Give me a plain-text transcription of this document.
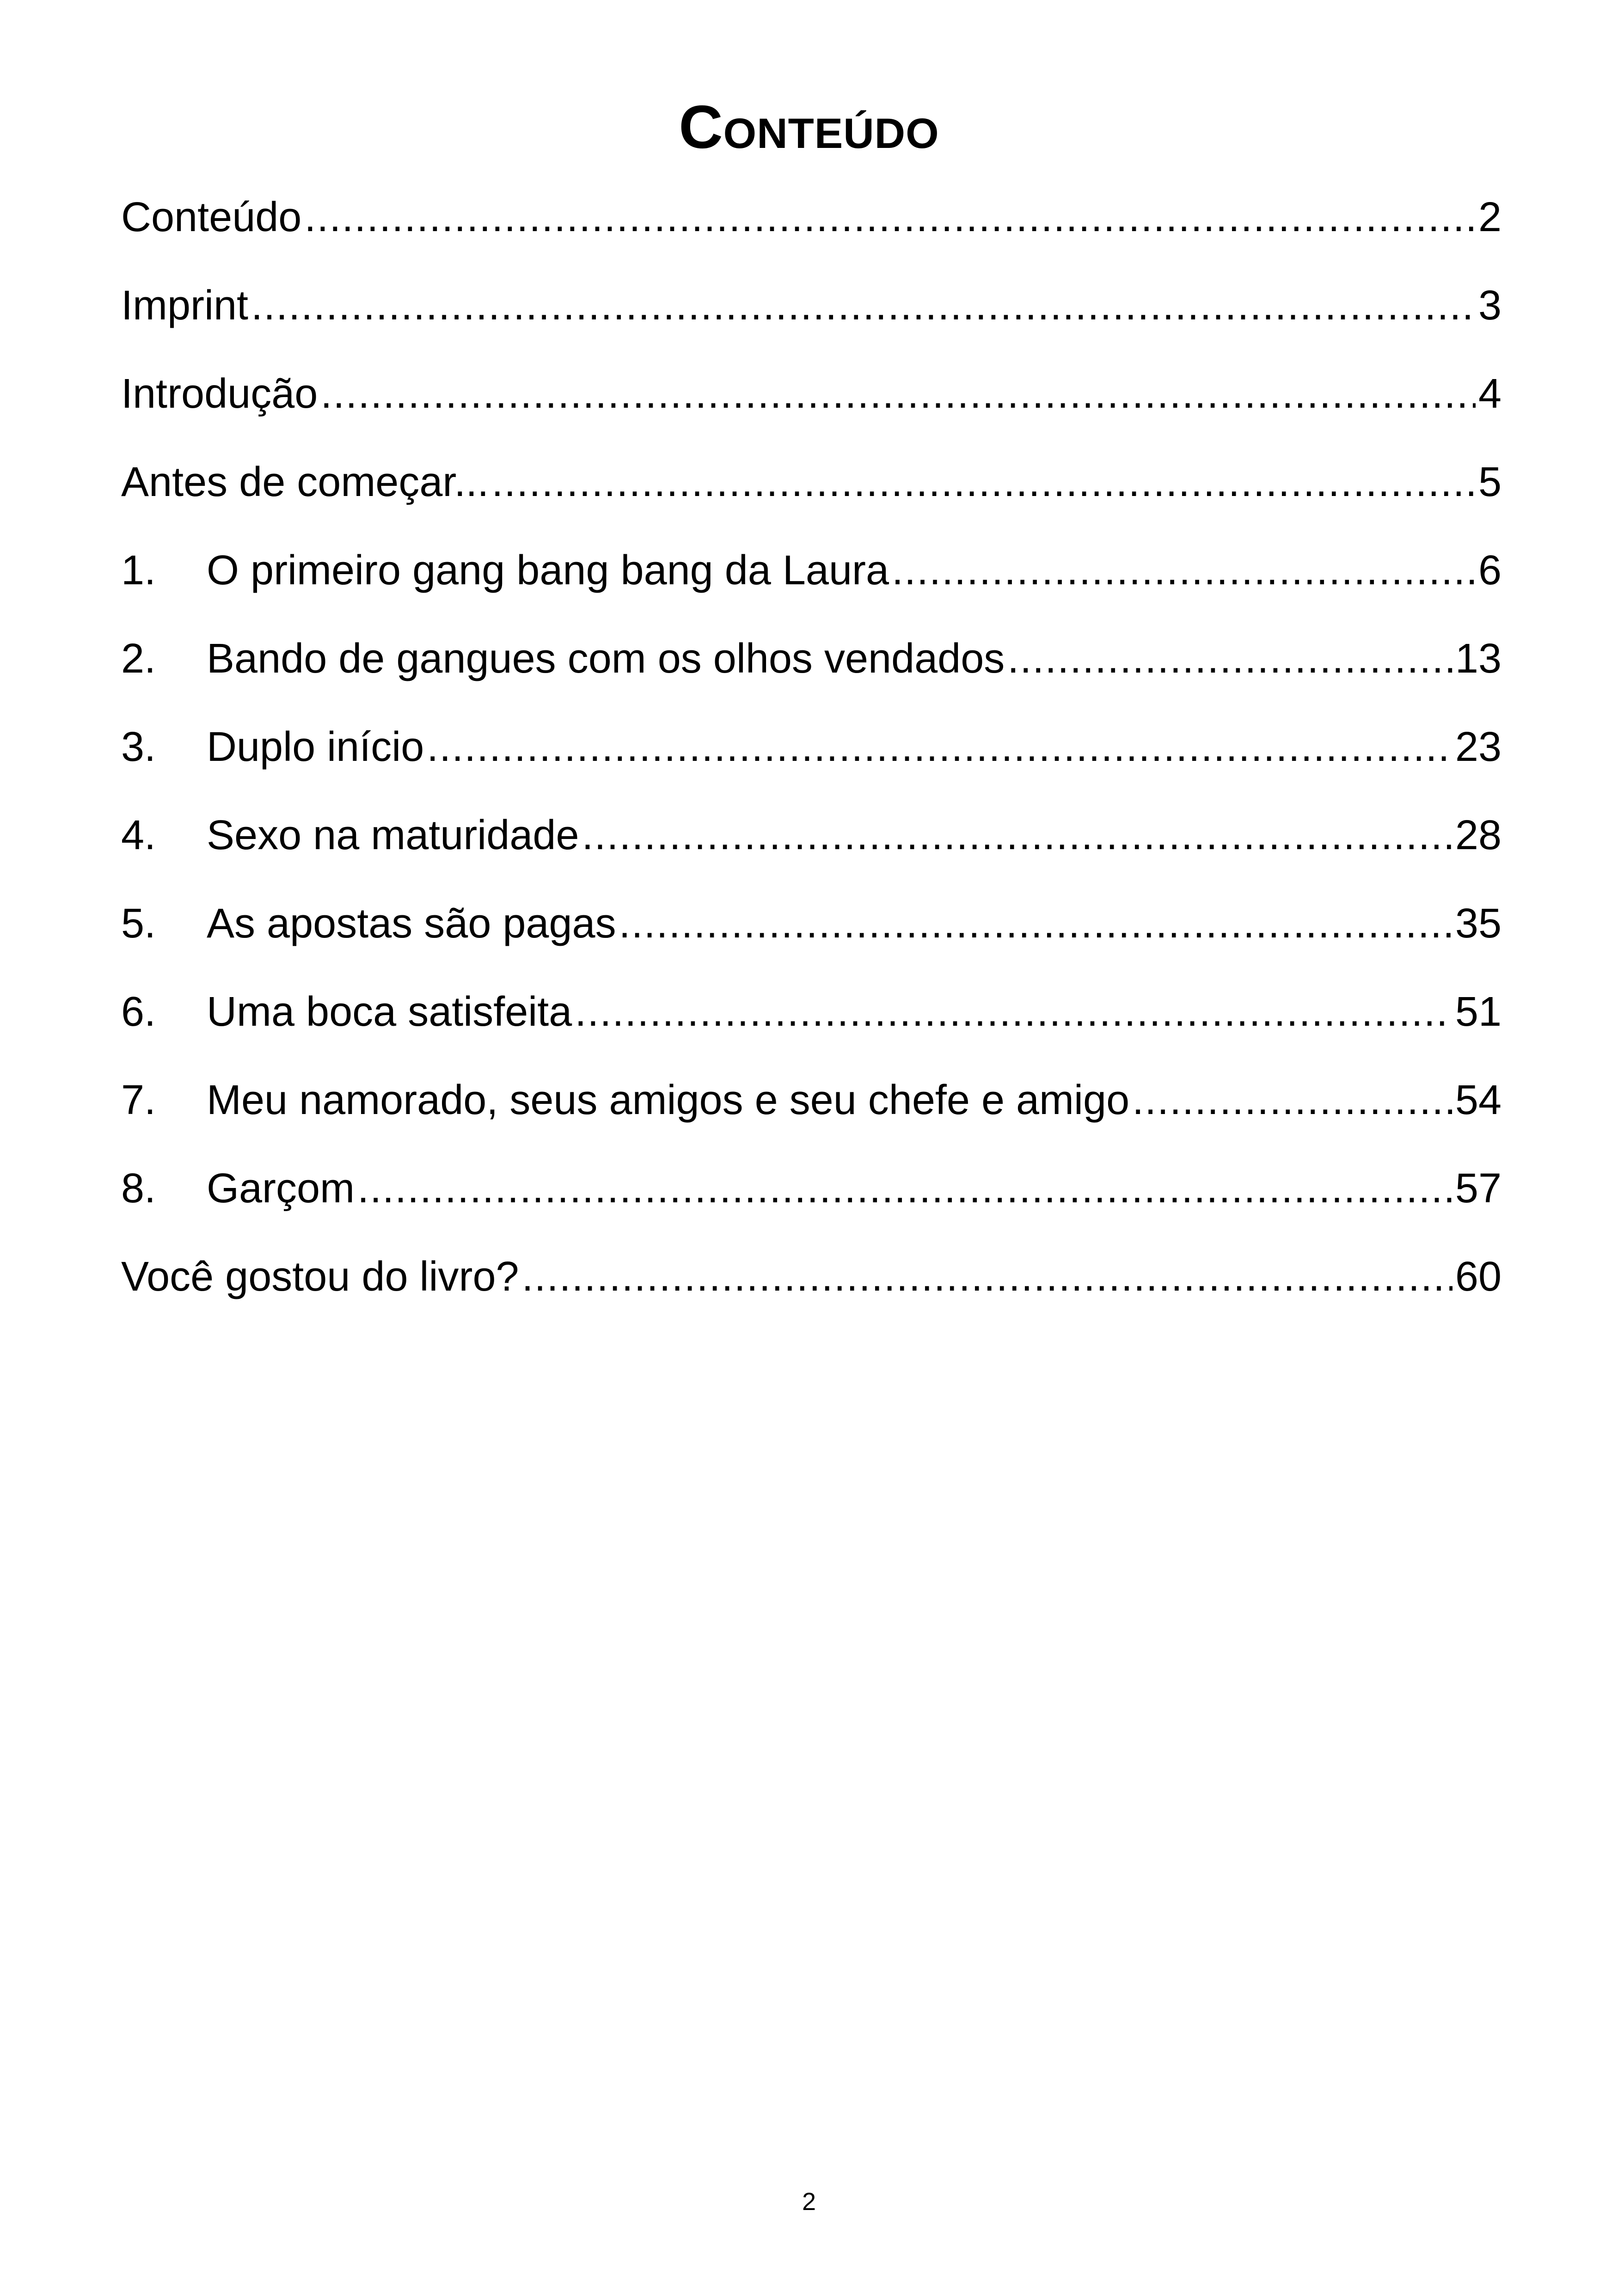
Conteúdo
Conteúdo .....	2
Imprint .....	3
Introdução .....	4
Antes de começar... .....	5
1.	O primeiro gang bang bang da Laura .....	6
2.	Bando de gangues com os olhos vendados .....	13
3.	Duplo início .....	23
4.	Sexo na maturidade .....	28
5.	As apostas são pagas .....	35
6.	Uma boca satisfeita .....	51
7.	Meu namorado, seus amigos e seu chefe e amigo .....	54
8.	Garçom .....	57
Você gostou do livro? .....	60
2
